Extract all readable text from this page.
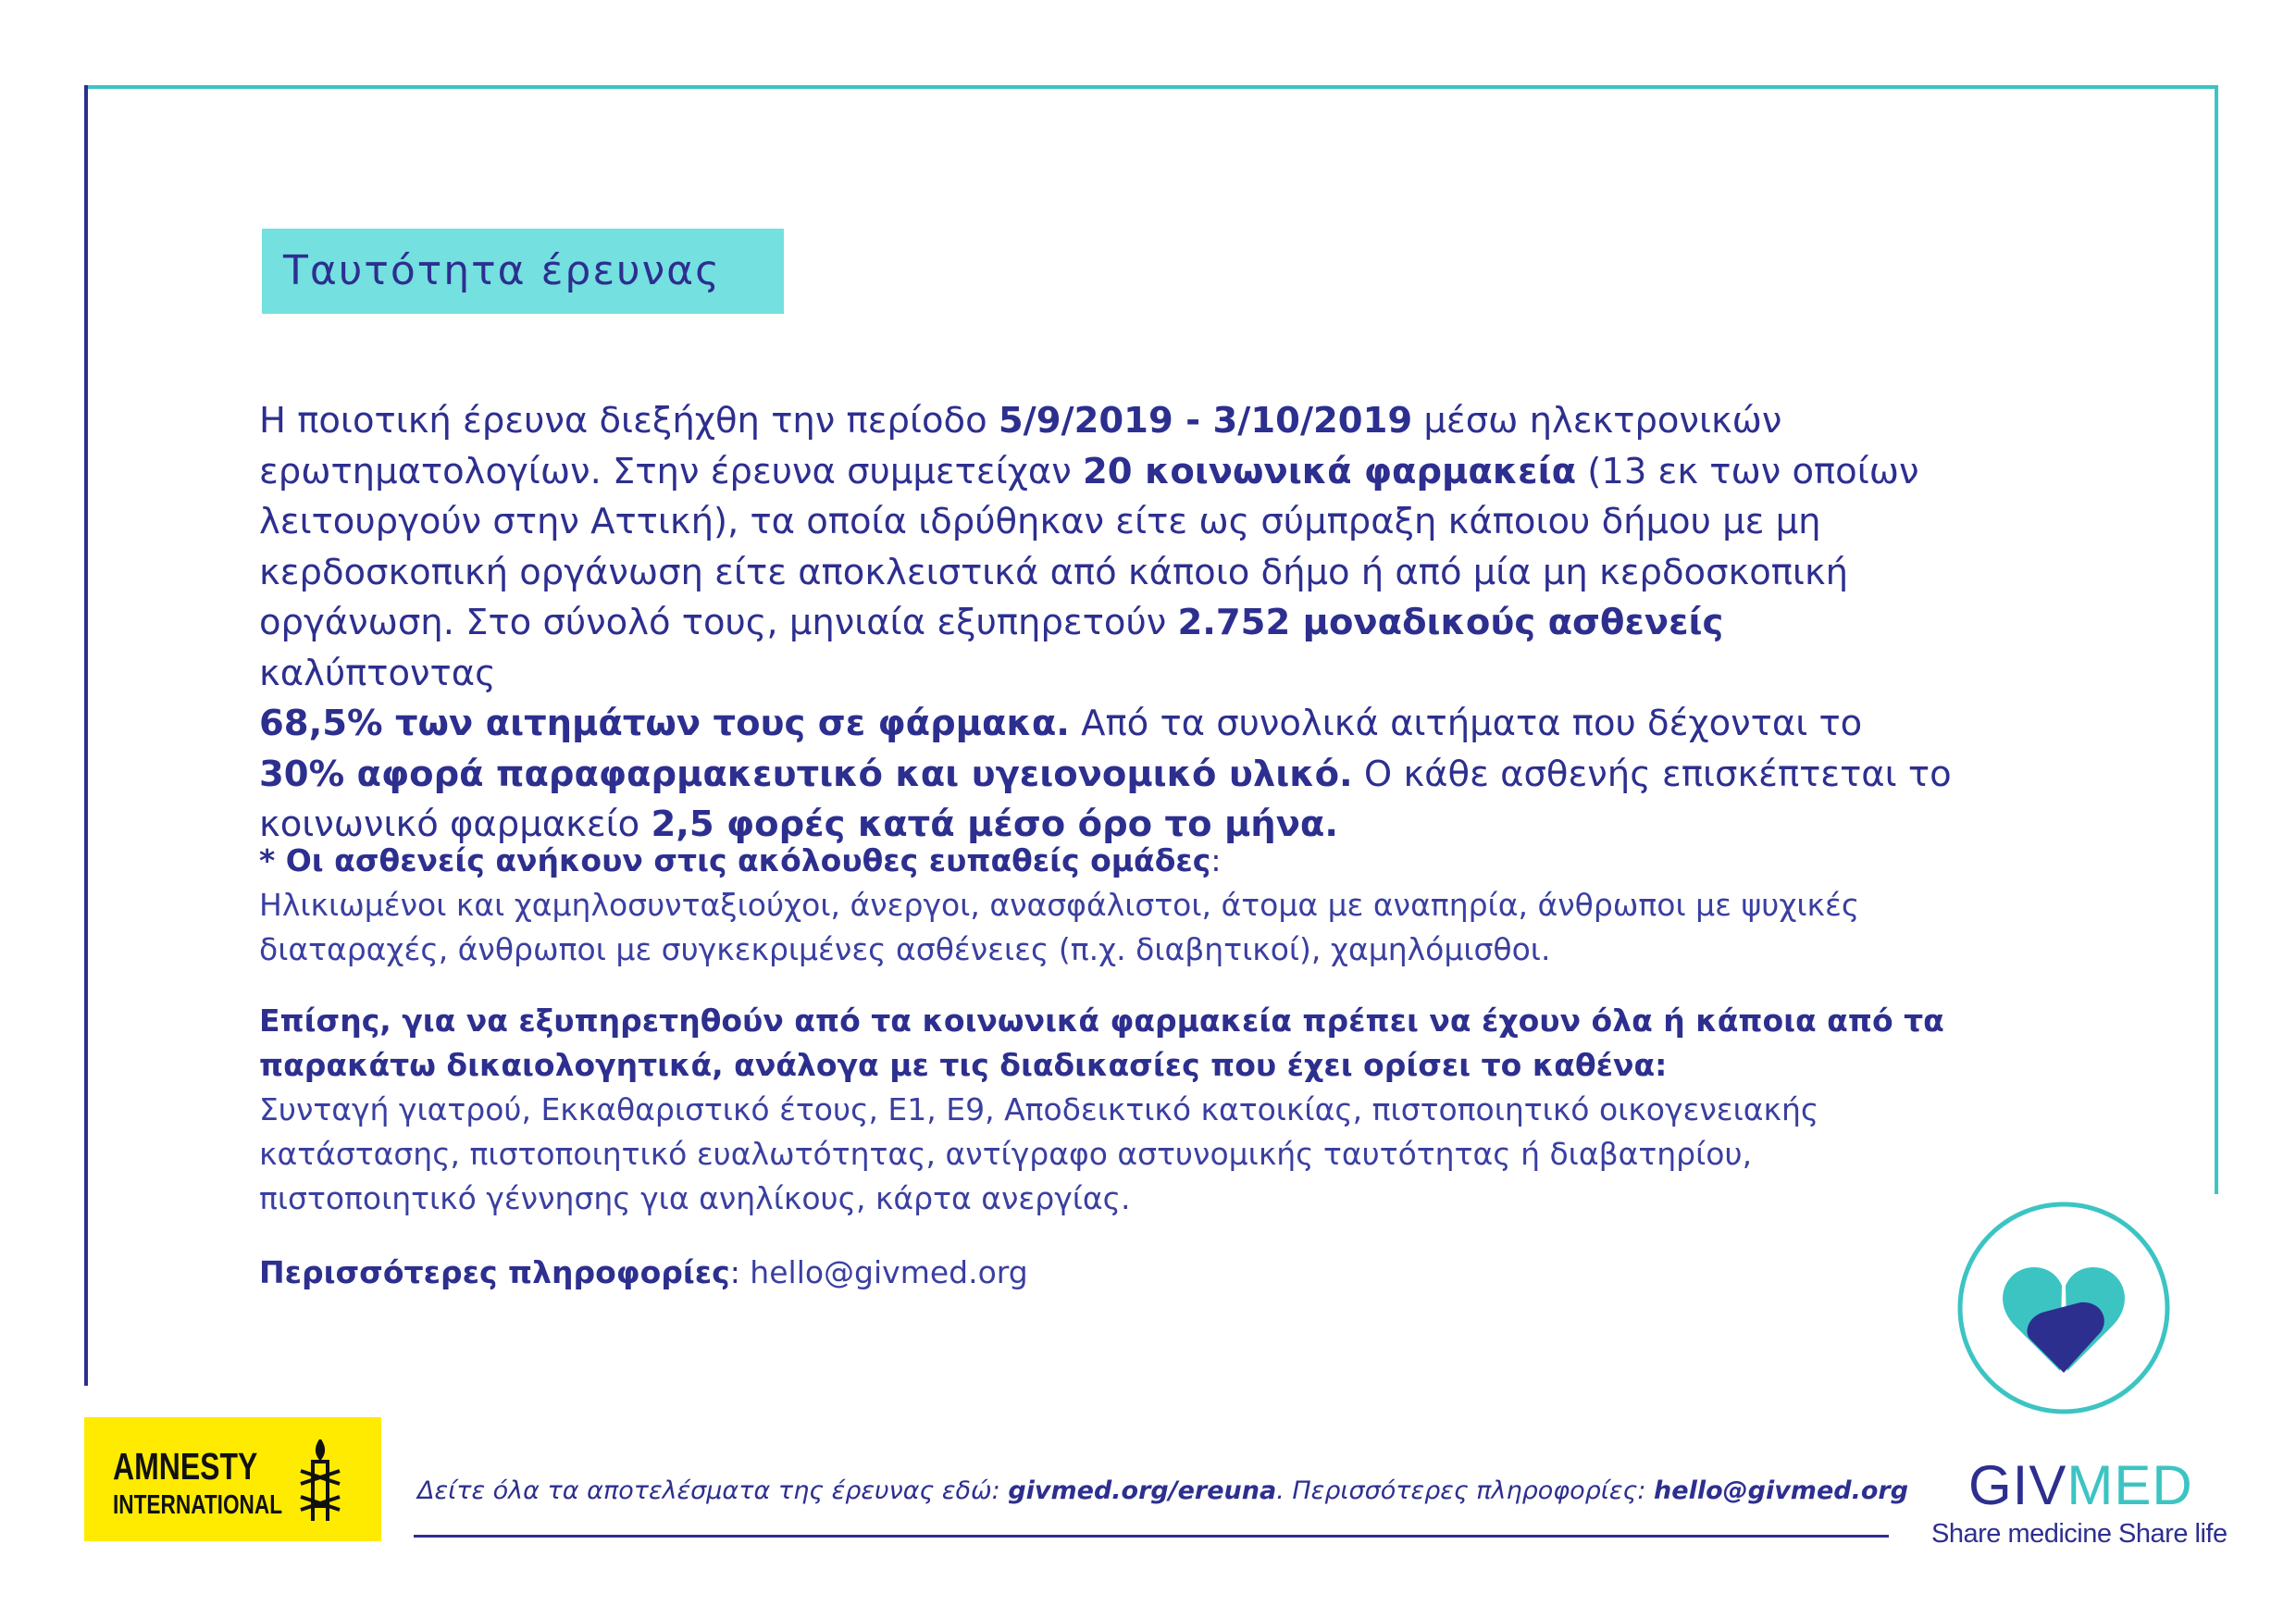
Ταυτότητα έρευνας
Η ποιοτική έρευνα διεξήχθη την περίοδο 5/9/2019 - 3/10/2019 μέσω ηλεκτρονικών ερωτηματολογίων. Στην έρευνα συμμετείχαν 20 κοινωνικά φαρμακεία (13 εκ των οποίων λειτουργούν στην Αττική), τα οποία ιδρύθηκαν είτε ως σύμπραξη κάποιου δήμου με μη κερδοσκοπική οργάνωση είτε αποκλειστικά από κάποιο δήμο ή από μία μη κερδοσκοπική οργάνωση. Στο σύνολό τους, μηνιαία εξυπηρετούν 2.752 μοναδικούς ασθενείς καλύπτοντας
68,5% των αιτημάτων τους σε φάρμακα. Από τα συνολικά αιτήματα που δέχονται το
30% αφορά παραφαρμακευτικό και υγειονομικό υλικό. Ο κάθε ασθενής επισκέπτεται το κοινωνικό φαρμακείο 2,5 φορές κατά μέσο όρο το μήνα.
* Οι ασθενείς ανήκουν στις ακόλουθες ευπαθείς ομάδες:
Ηλικιωμένοι και χαμηλοσυνταξιούχοι, άνεργοι, ανασφάλιστοι, άτομα με αναπηρία, άνθρωποι με ψυχικές διαταραχές, άνθρωποι με συγκεκριμένες ασθένειες (π.χ. διαβητικοί), χαμηλόμισθοι.
Επίσης, για να εξυπηρετηθούν από τα κοινωνικά φαρμακεία πρέπει να έχουν όλα ή κάποια από τα παρακάτω δικαιολογητικά, ανάλογα με τις διαδικασίες που έχει ορίσει το καθένα:
Συνταγή γιατρού, Εκκαθαριστικό έτους, Ε1, Ε9, Αποδεικτικό κατοικίας, πιστοποιητικό οικογενειακής κατάστασης, πιστοποιητικό ευαλωτότητας, αντίγραφο αστυνομικής ταυτότητας ή διαβατηρίου, πιστοποιητικό γέννησης για ανηλίκους, κάρτα ανεργίας.
Περισσότερες πληροφορίες: hello@givmed.org
AMNESTY
INTERNATIONAL	Δείτε όλα τα αποτελέσματα της έρευνας εδώ: givmed.org/ereuna. Περισσότερες πληροφορίες: hello@givmed.org GIVMED
Share medicine Share life
